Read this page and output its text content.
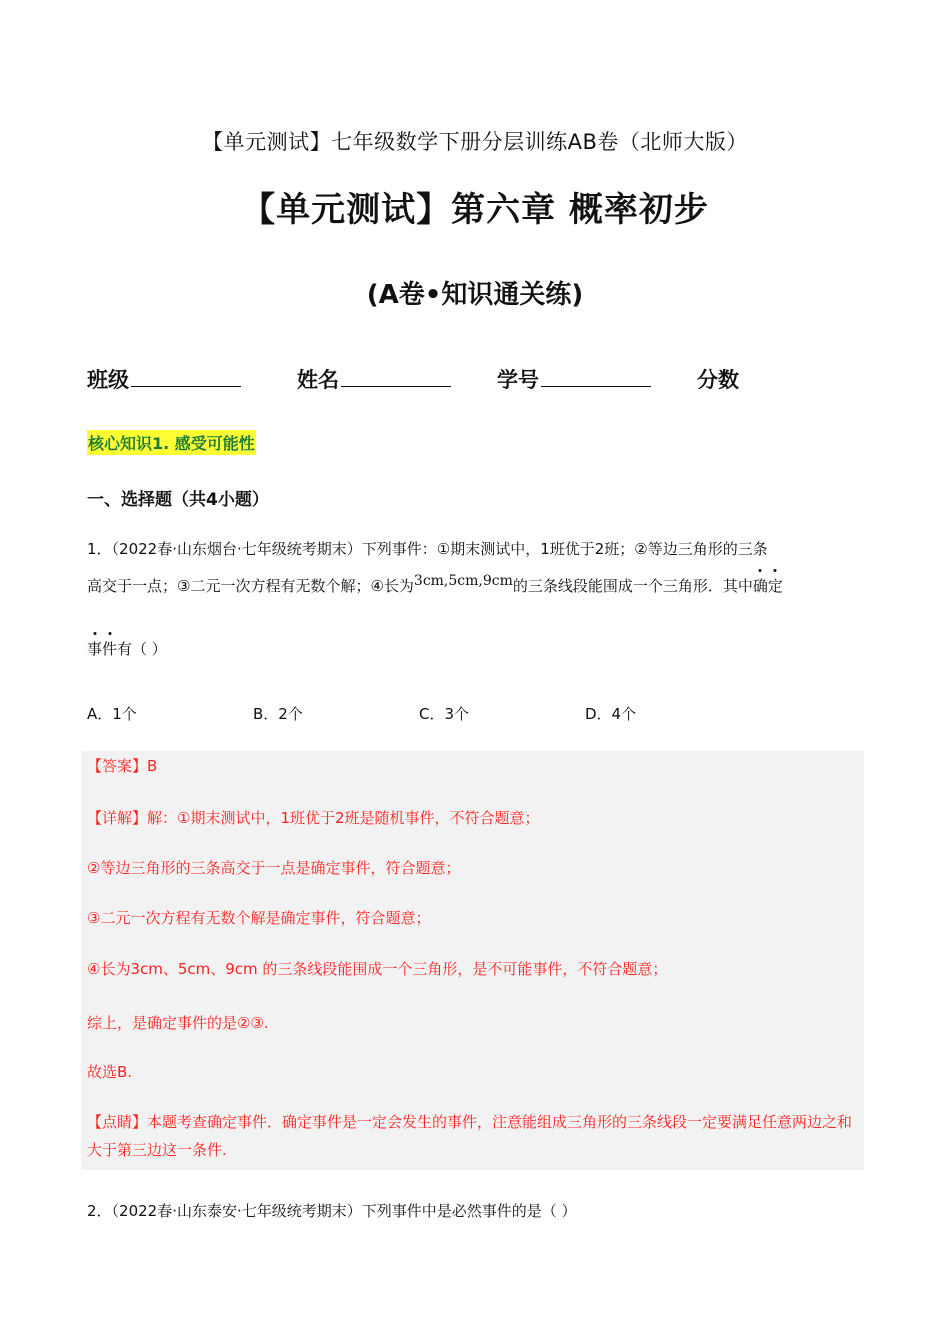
【单元测试】七年级数学下册分层训练AB卷（北师大版）
【单元测试】第六章 概率初步
(A卷•知识通关练)
班级	姓名	学号	分数
核心知识1. 感受可能性
一、选择题（共4小题）
1．（2022春·山东烟台·七年级统考期末）下列事件：①期末测试中，1班优于2班；②等边三角形的三条
高交于一点；③二元一次方程有无数个解；④长为3cm,5cm,9cm的三条线段能围成一个三角形．其中确定
事件有（ ）
A．1个	B．2个	C．3个	D．4个
【答案】B
【详解】解：①期末测试中，1班优于2班是随机事件，不符合题意；
②等边三角形的三条高交于一点是确定事件，符合题意；
③二元一次方程有无数个解是确定事件，符合题意；
④长为3cm、5cm、9cm 的三条线段能围成一个三角形，是不可能事件，不符合题意；
综上，是确定事件的是②③.
故选B.
【点睛】本题考查确定事件．确定事件是一定会发生的事件，注意能组成三角形的三条线段一定要满足任意两边之和大于第三边这一条件.
2．（2022春·山东泰安·七年级统考期末）下列事件中是必然事件的是（ ）
